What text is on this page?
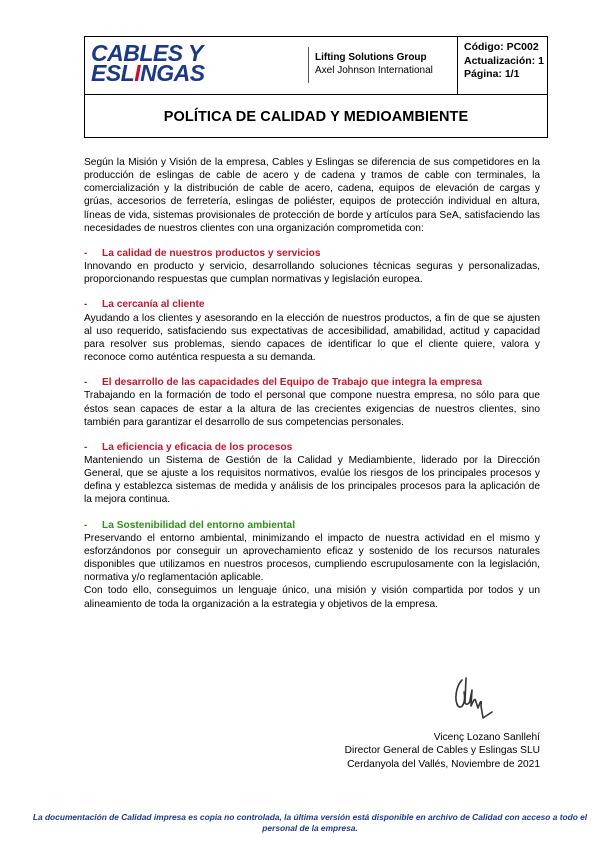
CABLES Y
ESLINGAS
Lifting Solutions Group
Axel Johnson International
Código: PC002
Actualización: 1
Página: 1/1
POLÍTICA DE CALIDAD Y MEDIOAMBIENTE

Según la Misión y Visión de la empresa, Cables y Eslingas se diferencia de sus competidores en la producción de eslingas de cable de acero y de cadena y tramos de cable con terminales, la comercialización y la distribución de cable de acero, cadena, equipos de elevación de cargas y grúas, accesorios de ferretería, eslingas de poliéster, equipos de protección individual en altura, líneas de vida, sistemas provisionales de protección de borde y artículos para SeA, satisfaciendo las necesidades de nuestros clientes con una organización comprometida con:

- La calidad de nuestros productos y servicios

Innovando en producto y servicio, desarrollando soluciones técnicas seguras y personalizadas, proporcionando respuestas que cumplan normativas y legislación europea.

- La cercanía al cliente

Ayudando a los clientes y asesorando en la elección de nuestros productos, a fin de que se ajusten al uso requerido, satisfaciendo sus expectativas de accesibilidad, amabilidad, actitud y capacidad para resolver sus problemas, siendo capaces de identificar lo que el cliente quiere, valora y reconoce como auténtica respuesta a su demanda.

- El desarrollo de las capacidades del Equipo de Trabajo que integra la empresa

Trabajando en la formación de todo el personal que compone nuestra empresa, no sólo para que éstos sean capaces de estar a la altura de las crecientes exigencias de nuestros clientes, sino también para garantizar el desarrollo de sus competencias personales.

- La eficiencia y eficacia de los procesos

Manteniendo un Sistema de Gestión de la Calidad y Mediambiente, liderado por la Dirección General, que se ajuste a los requisitos normativos, evalúe los riesgos de los principales procesos y defina y establezca sistemas de medida y análisis de los principales procesos para la aplicación de la mejora continua.

- La Sostenibilidad del entorno ambiental

Preservando el entorno ambiental, minimizando el impacto de nuestra actividad en el mismo y esforzándonos por conseguir un aprovechamiento eficaz y sostenido de los recursos naturales disponibles que utilizamos en nuestros procesos, cumpliendo escrupulosamente con la legislación, normativa y/o reglamentación aplicable.

Con todo ello, conseguimos un lenguaje único, una misión y visión compartida por todos y un alineamiento de toda la organización a la estrategia y objetivos de la empresa.

Vicenç Lozano Sanllehí
Director General de Cables y Eslingas SLU
Cerdanyola del Vallés, Noviembre de 2021
La documentación de Calidad impresa es copia no controlada, la última versión está disponible en archivo de Calidad con acceso a todo el personal de la empresa.
